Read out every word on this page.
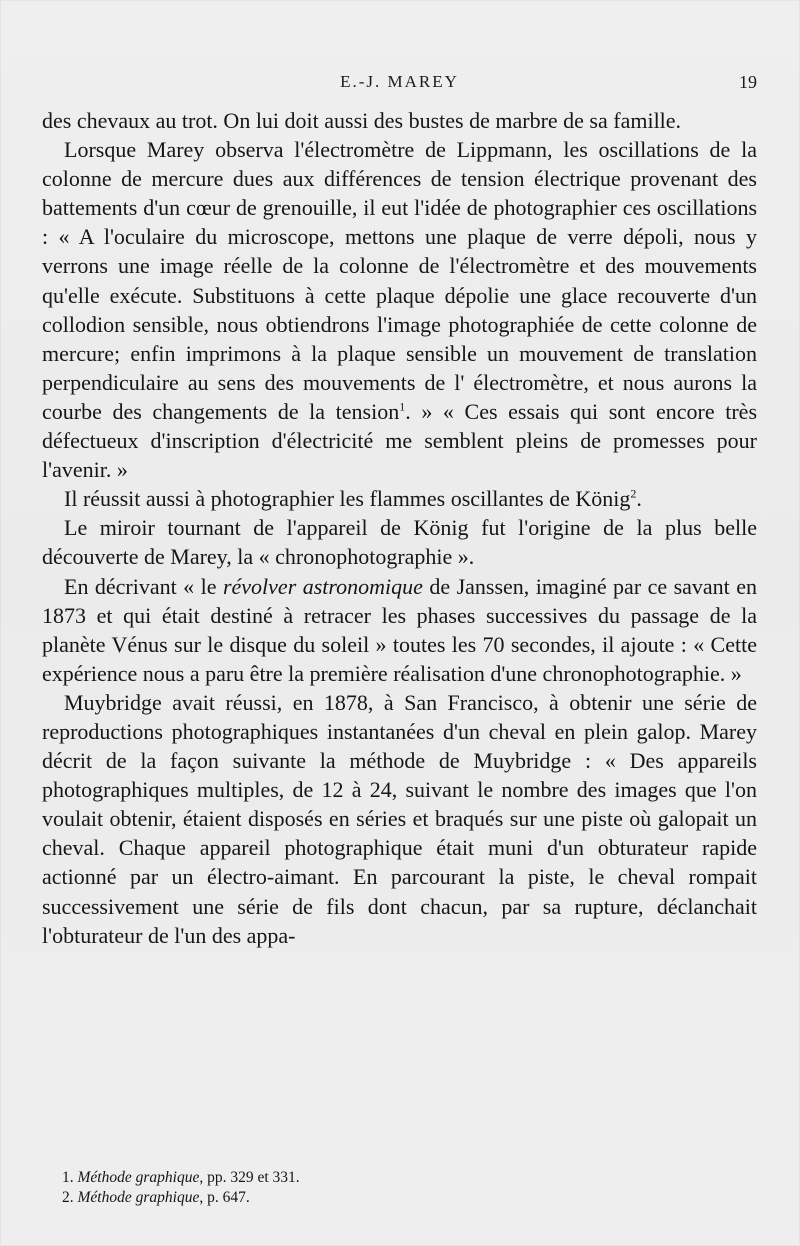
E.-J. MAREY	19

des chevaux au trot. On lui doit aussi des bustes de marbre de sa famille.

Lorsque Marey observa l'électromètre de Lippmann, les oscillations de la colonne de mercure dues aux différences de tension électrique provenant des battements d'un cœur de grenouille, il eut l'idée de photographier ces oscillations : « A l'oculaire du microscope, mettons une plaque de verre dépoli, nous y verrons une image réelle de la colonne de l'électromètre et des mouvements qu'elle exécute. Substituons à cette plaque dépolie une glace recouverte d'un collodion sensible, nous obtiendrons l'image photographiée de cette colonne de mercure; enfin imprimons à la plaque sensible un mouvement de translation perpendiculaire au sens des mouvements de l' électromètre, et nous aurons la courbe des changements de la tension$^1$. » « Ces essais qui sont encore très défectueux d'inscription d'électricité me semblent pleins de promesses pour l'avenir. »

Il réussit aussi à photographier les flammes oscillantes de König$^2$.

Le miroir tournant de l'appareil de König fut l'origine de la plus belle découverte de Marey, la « chronophotographie ».

En décrivant « le révolver astronomique de Janssen, imaginé par ce savant en 1873 et qui était destiné à retracer les phases successives du passage de la planète Vénus sur le disque du soleil » toutes les 70 secondes, il ajoute : « Cette expérience nous a paru être la première réalisation d'une chronophotographie. »

Muybridge avait réussi, en 1878, à San Francisco, à obtenir une série de reproductions photographiques instantanées d'un cheval en plein galop. Marey décrit de la façon suivante la méthode de Muybridge : « Des appareils photographiques multiples, de 12 à 24, suivant le nombre des images que l'on voulait obtenir, étaient disposés en séries et braqués sur une piste où galopait un cheval. Chaque appareil photographique était muni d'un obturateur rapide actionné par un électro-aimant. En parcourant la piste, le cheval rompait successivement une série de fils dont chacun, par sa rupture, déclanchait l'obturateur de l'un des appa-

1. Méthode graphique, pp. 329 et 331.

2. Méthode graphique, p. 647.
